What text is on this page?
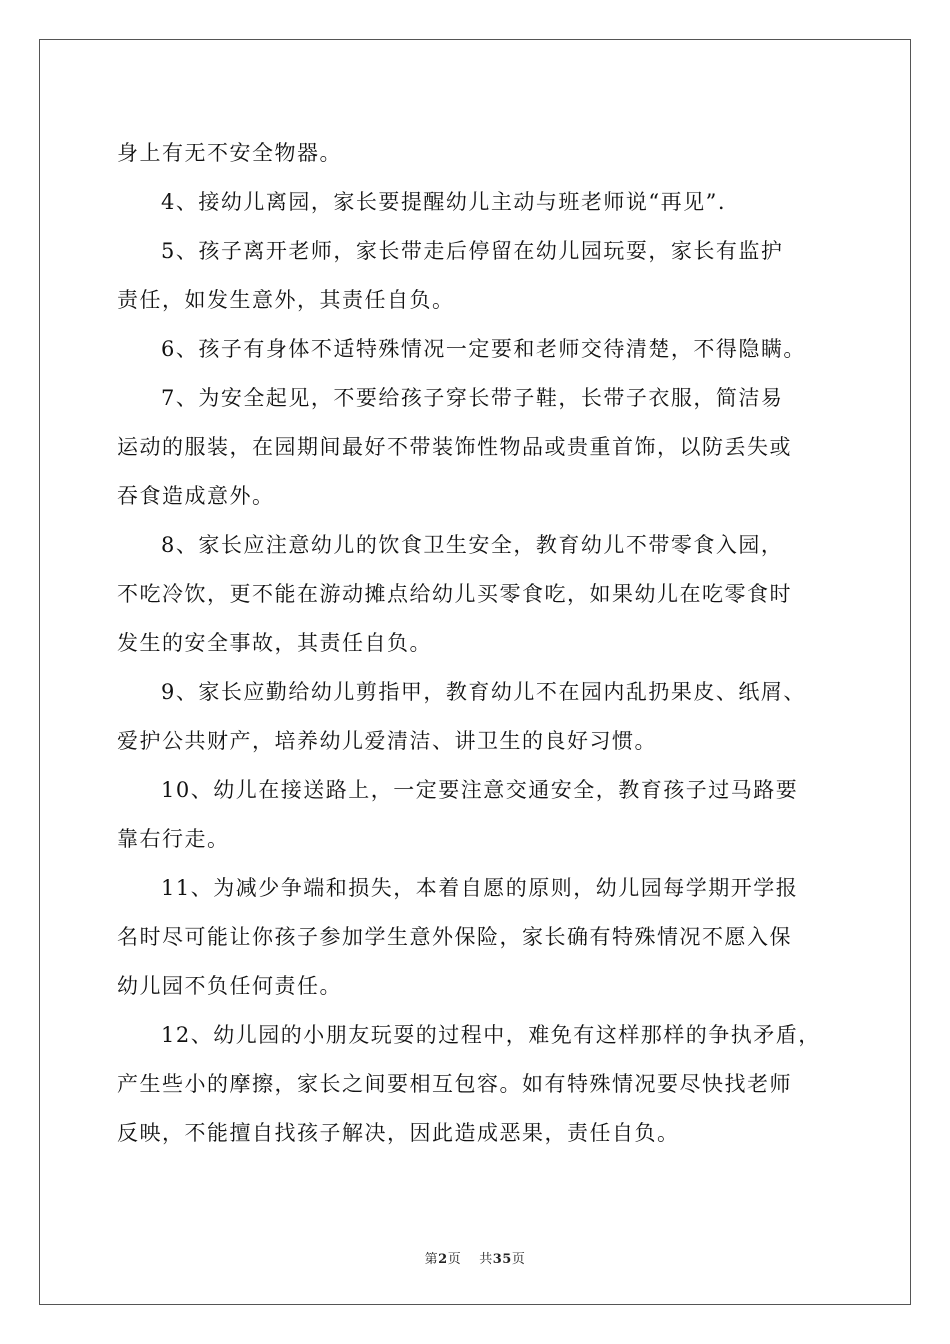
身上有无不安全物器。
4、接幼儿离园，家长要提醒幼儿主动与班老师说“再见”.
5、孩子离开老师，家长带走后停留在幼儿园玩耍，家长有监护
责任，如发生意外，其责任自负。
6、孩子有身体不适特殊情况一定要和老师交待清楚，不得隐瞒。
7、为安全起见，不要给孩子穿长带子鞋，长带子衣服，简洁易
运动的服装，在园期间最好不带装饰性物品或贵重首饰，以防丢失或
吞食造成意外。
8、家长应注意幼儿的饮食卫生安全，教育幼儿不带零食入园，
不吃冷饮，更不能在游动摊点给幼儿买零食吃，如果幼儿在吃零食时
发生的安全事故，其责任自负。
9、家长应勤给幼儿剪指甲，教育幼儿不在园内乱扔果皮、纸屑、
爱护公共财产，培养幼儿爱清洁、讲卫生的良好习惯。
10、幼儿在接送路上，一定要注意交通安全，教育孩子过马路要
靠右行走。
11、为减少争端和损失，本着自愿的原则，幼儿园每学期开学报
名时尽可能让你孩子参加学生意外保险，家长确有特殊情况不愿入保
幼儿园不负任何责任。
12、幼儿园的小朋友玩耍的过程中，难免有这样那样的争执矛盾，
产生些小的摩擦，家长之间要相互包容。如有特殊情况要尽快找老师
反映，不能擅自找孩子解决，因此造成恶果，责任自负。
第2页 共35页
